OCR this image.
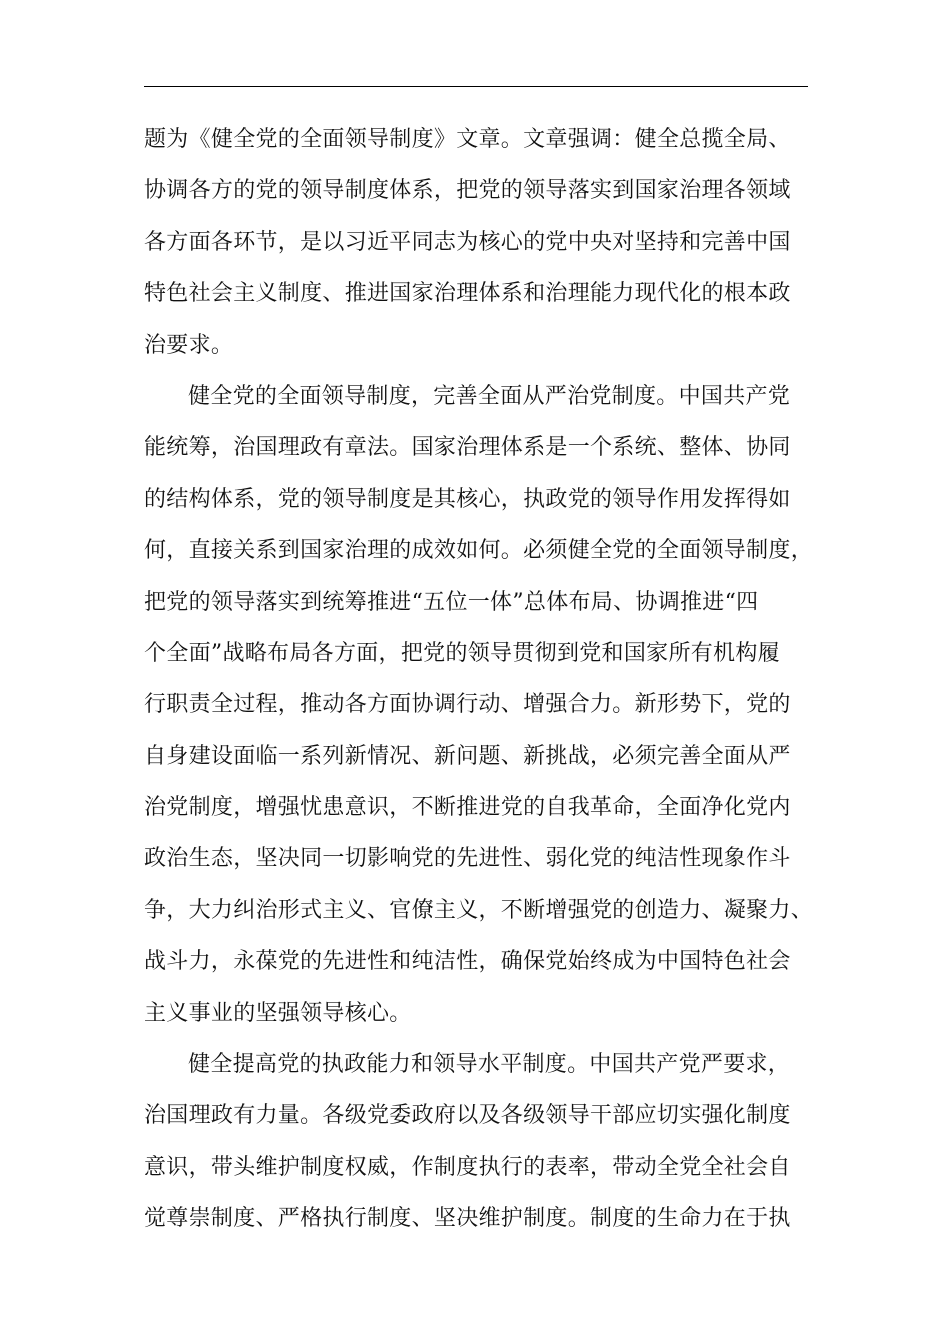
题为《健全党的全面领导制度》文章。文章强调：健全总揽全局、
协调各方的党的领导制度体系，把党的领导落实到国家治理各领域
各方面各环节，是以习近平同志为核心的党中央对坚持和完善中国
特色社会主义制度、推进国家治理体系和治理能力现代化的根本政
治要求。
健全党的全面领导制度，完善全面从严治党制度。中国共产党
能统筹，治国理政有章法。国家治理体系是一个系统、整体、协同
的结构体系，党的领导制度是其核心，执政党的领导作用发挥得如
何，直接关系到国家治理的成效如何。必须健全党的全面领导制度，
把党的领导落实到统筹推进“五位一体”总体布局、协调推进“四
个全面”战略布局各方面，把党的领导贯彻到党和国家所有机构履
行职责全过程，推动各方面协调行动、增强合力。新形势下，党的
自身建设面临一系列新情况、新问题、新挑战，必须完善全面从严
治党制度，增强忧患意识，不断推进党的自我革命，全面净化党内
政治生态，坚决同一切影响党的先进性、弱化党的纯洁性现象作斗
争，大力纠治形式主义、官僚主义，不断增强党的创造力、凝聚力、
战斗力，永葆党的先进性和纯洁性，确保党始终成为中国特色社会
主义事业的坚强领导核心。
健全提高党的执政能力和领导水平制度。中国共产党严要求，
治国理政有力量。各级党委政府以及各级领导干部应切实强化制度
意识，带头维护制度权威，作制度执行的表率，带动全党全社会自
觉尊崇制度、严格执行制度、坚决维护制度。制度的生命力在于执
